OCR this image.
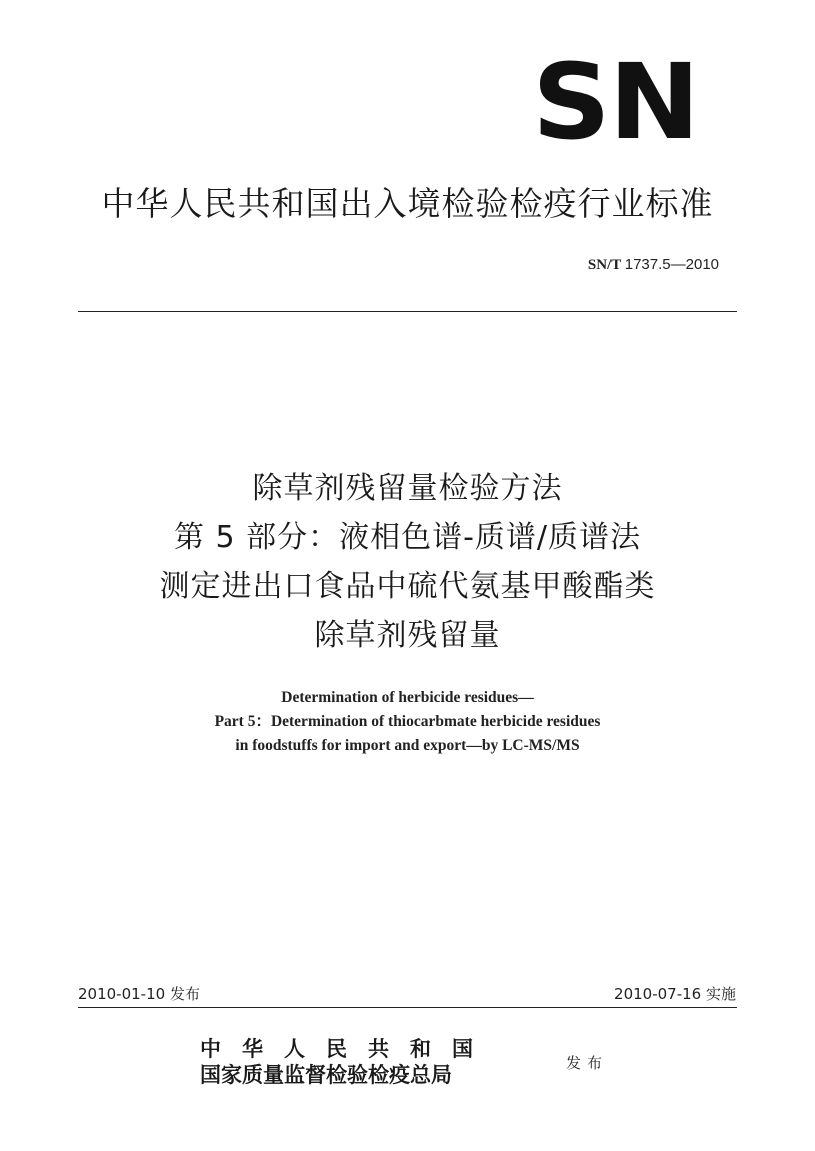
SN
中华人民共和国出入境检验检疫行业标准
SN/T 1737.5—2010
除草剂残留量检验方法
第 5 部分：液相色谱-质谱/质谱法
测定进出口食品中硫代氨基甲酸酯类
除草剂残留量
Determination of herbicide residues—
Part 5：Determination of thiocarbmate herbicide residues
in foodstuffs for import and export—by LC-MS/MS
2010-01-10 发布	2010-07-16 实施
中华人民共和国
国家质量监督检验检疫总局	发布
